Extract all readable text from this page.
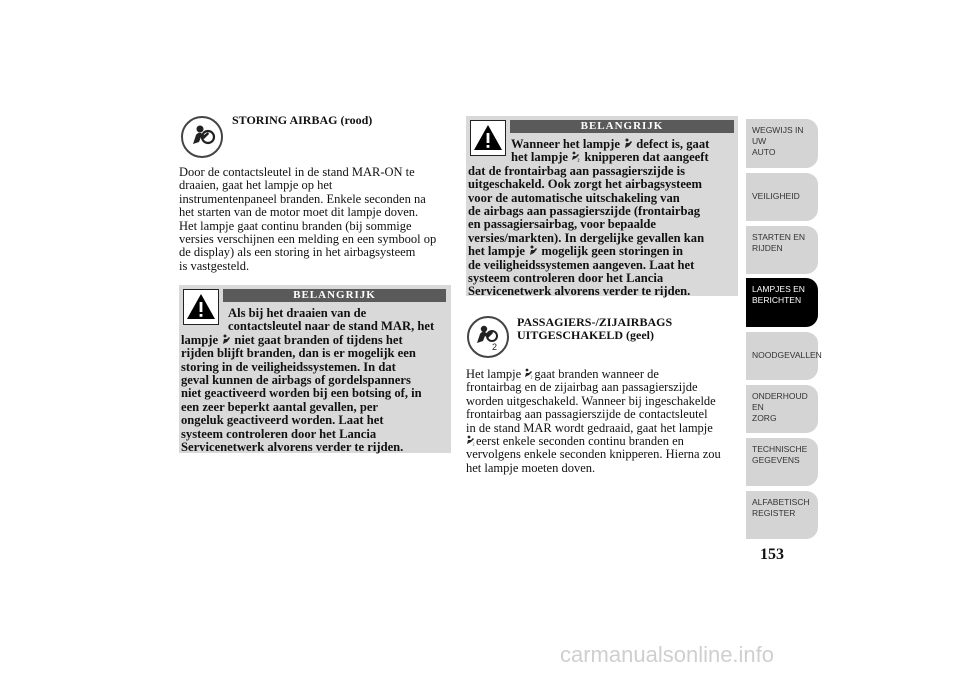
STORING AIRBAG (rood)
Door de contactsleutel in de stand MAR-ON te
draaien, gaat het lampje op het
instrumentenpaneel branden. Enkele seconden na
het starten van de motor moet dit lampje doven.
Het lampje gaat continu branden (bij sommige
versies verschijnen een melding en een symbool op
de display) als een storing in het airbagsysteem
is vastgesteld.
BELANGRIJK
Als bij het draaien van de
contactsleutel naar de stand MAR, het
lampje niet gaat branden of tijdens het
rijden blijft branden, dan is er mogelijk een
storing in de veiligheidssystemen. In dat
geval kunnen de airbags of gordelspanners
niet geactiveerd worden bij een botsing of, in
een zeer beperkt aantal gevallen, per
ongeluk geactiveerd worden. Laat het
systeem controleren door het Lancia
Servicenetwerk alvorens verder te rijden.
BELANGRIJK
Wanneer het lampje defect is, gaat
het lampje 2 knipperen dat aangeeft
dat de frontairbag aan passagierszijde is
uitgeschakeld. Ook zorgt het airbagsysteem
voor de automatische uitschakeling van
de airbags aan passagierszijde (frontairbag
en passagiersairbag, voor bepaalde
versies/markten). In dergelijke gevallen kan
het lampje mogelijk geen storingen in
de veiligheidssystemen aangeven. Laat het
systeem controleren door het Lancia
Servicenetwerk alvorens verder te rijden.
2
PASSAGIERS-/ZIJAIRBAGS
UITGESCHAKELD (geel)
Het lampje 2 gaat branden wanneer de
frontairbag en de zijairbag aan passagierszijde
worden uitgeschakeld. Wanneer bij ingeschakelde
frontairbag aan passagierszijde de contactsleutel
in de stand MAR wordt gedraaid, gaat het lampje
2 eerst enkele seconden continu branden en
vervolgens enkele seconden knipperen. Hierna zou
het lampje moeten doven.
WEGWIJS IN UW
AUTO
VEILIGHEID
STARTEN EN
RIJDEN
LAMPJES EN
BERICHTEN
NOODGEVALLEN
ONDERHOUD EN
ZORG
TECHNISCHE
GEGEVENS
ALFABETISCH
REGISTER
153
carmanualsonline.info
